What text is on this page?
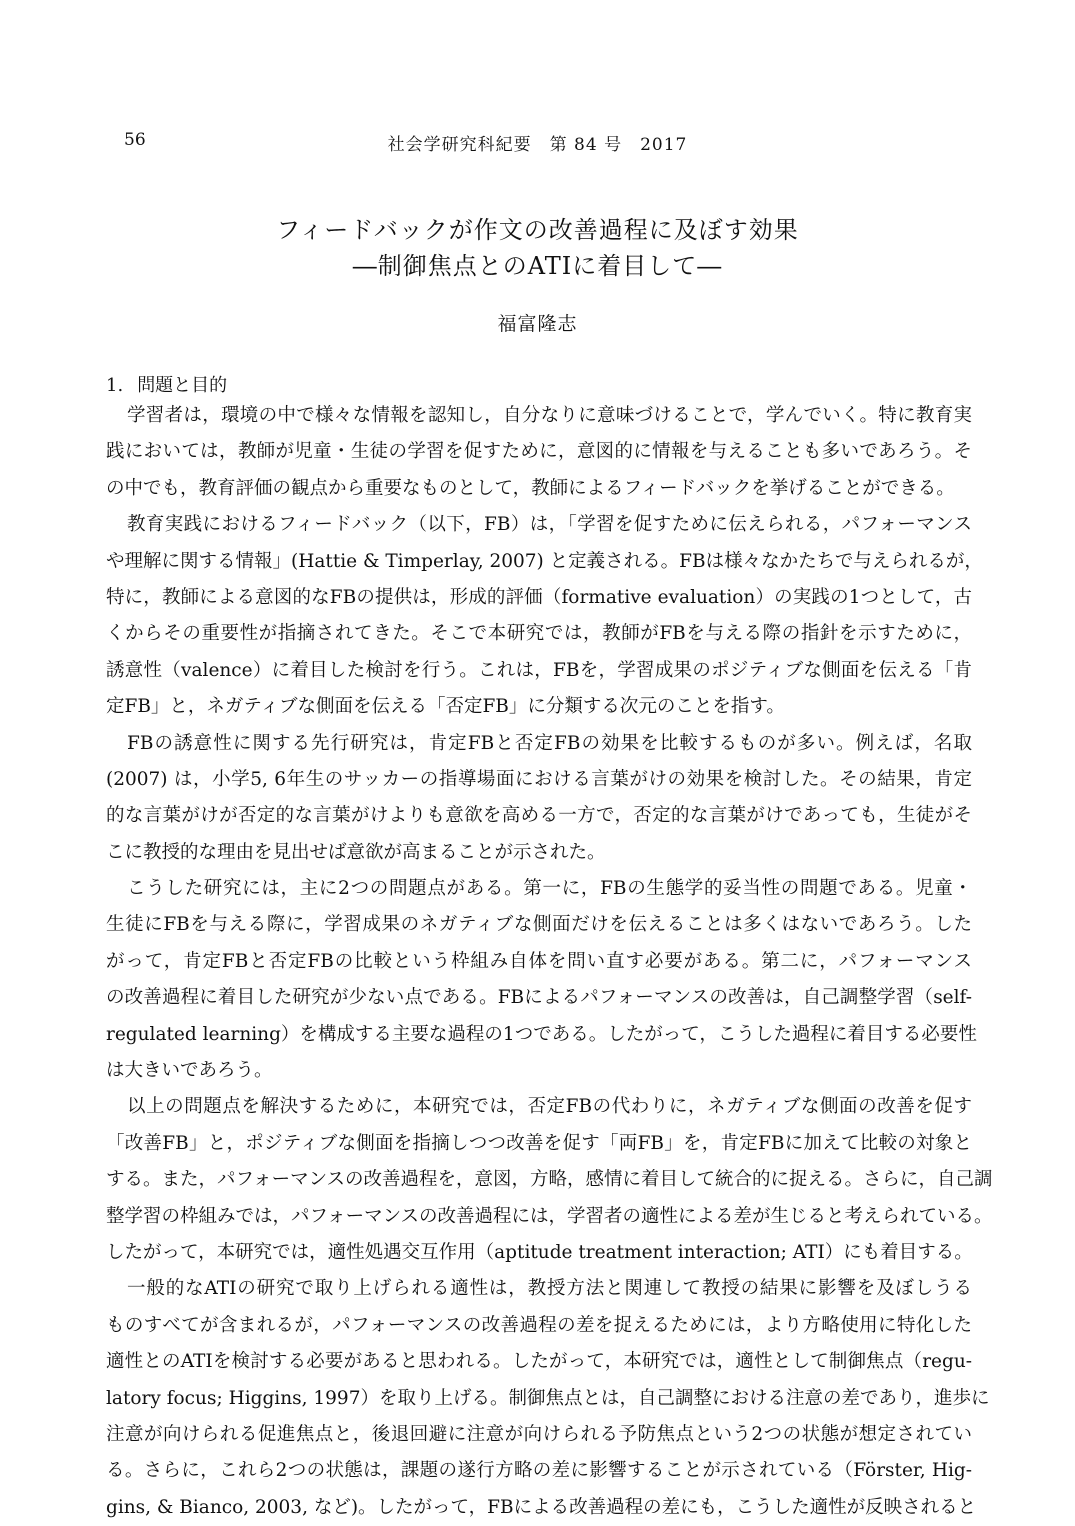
56	社会学研究科紀要　第 84 号　2017
フィードバックが作文の改善過程に及ぼす効果
―制御焦点とのATIに着目して―
福富隆志
1. 問題と目的
学習者は，環境の中で様々な情報を認知し，自分なりに意味づけることで，学んでいく。特に教育実
践においては，教師が児童・生徒の学習を促すために，意図的に情報を与えることも多いであろう。そ
の中でも，教育評価の観点から重要なものとして，教師によるフィードバックを挙げることができる。
教育実践におけるフィードバック（以下，FB）は，「学習を促すために伝えられる，パフォーマンス
や理解に関する情報」(Hattie & Timperlay, 2007) と定義される。FBは様々なかたちで与えられるが，
特に，教師による意図的なFBの提供は，形成的評価（formative evaluation）の実践の1つとして，古
くからその重要性が指摘されてきた。そこで本研究では，教師がFBを与える際の指針を示すために，
誘意性（valence）に着目した検討を行う。これは，FBを，学習成果のポジティブな側面を伝える「肯
定FB」と，ネガティブな側面を伝える「否定FB」に分類する次元のことを指す。
FBの誘意性に関する先行研究は，肯定FBと否定FBの効果を比較するものが多い。例えば，名取
(2007) は，小学5, 6年生のサッカーの指導場面における言葉がけの効果を検討した。その結果，肯定
的な言葉がけが否定的な言葉がけよりも意欲を高める一方で，否定的な言葉がけであっても，生徒がそ
こに教授的な理由を見出せば意欲が高まることが示された。
こうした研究には，主に2つの問題点がある。第一に，FBの生態学的妥当性の問題である。児童・
生徒にFBを与える際に，学習成果のネガティブな側面だけを伝えることは多くはないであろう。した
がって，肯定FBと否定FBの比較という枠組み自体を問い直す必要がある。第二に，パフォーマンス
の改善過程に着目した研究が少ない点である。FBによるパフォーマンスの改善は，自己調整学習（self-
regulated learning）を構成する主要な過程の1つである。したがって，こうした過程に着目する必要性
は大きいであろう。
以上の問題点を解決するために，本研究では，否定FBの代わりに，ネガティブな側面の改善を促す
「改善FB」と，ポジティブな側面を指摘しつつ改善を促す「両FB」を，肯定FBに加えて比較の対象と
する。また，パフォーマンスの改善過程を，意図，方略，感情に着目して統合的に捉える。さらに，自己調
整学習の枠組みでは，パフォーマンスの改善過程には，学習者の適性による差が生じると考えられている。
したがって，本研究では，適性処遇交互作用（aptitude treatment interaction; ATI）にも着目する。
一般的なATIの研究で取り上げられる適性は，教授方法と関連して教授の結果に影響を及ぼしうる
ものすべてが含まれるが，パフォーマンスの改善過程の差を捉えるためには，より方略使用に特化した
適性とのATIを検討する必要があると思われる。したがって，本研究では，適性として制御焦点（regu-
latory focus; Higgins, 1997）を取り上げる。制御焦点とは，自己調整における注意の差であり，進歩に
注意が向けられる促進焦点と，後退回避に注意が向けられる予防焦点という2つの状態が想定されてい
る。さらに，これら2つの状態は，課題の遂行方略の差に影響することが示されている（Förster, Hig-
gins, & Bianco, 2003, など)。したがって，FBによる改善過程の差にも，こうした適性が反映されると
